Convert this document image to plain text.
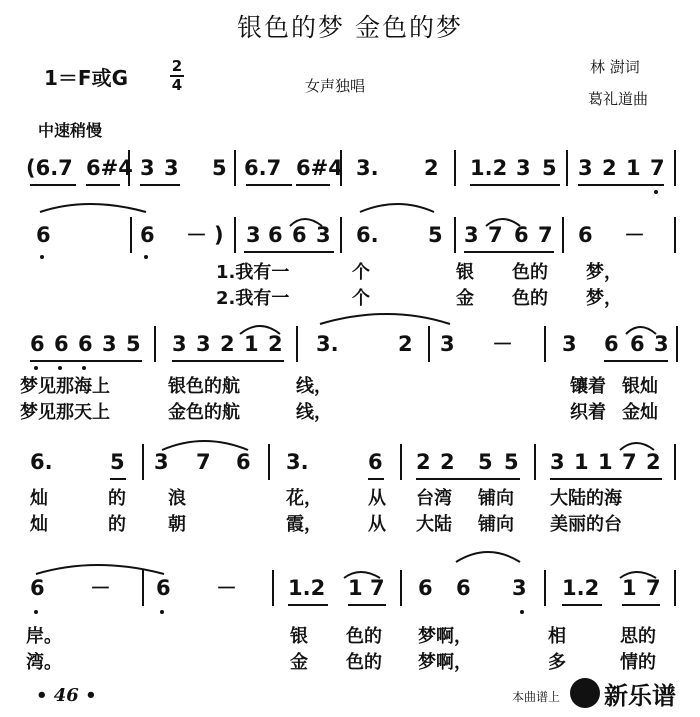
银色的梦 金色的梦
1＝F或G	2
4	女声独唱
林 澍词
葛礼道曲
中速稍慢
(6.7 6#4 3 3 5 6.7 6#4 3. 2 1.2 3 5 3 2 1 7
6	6 － ) 3 6 6 3 6. 5 3 7 6 7 6 －
1.我有一	个	银 色的 梦，
2.我有一	个	金 色的 梦，
6 6 6 3 5 3 3 2 1 2 3.	2 3 － 3 6 6 3
梦见那海上	银色的航	线，	镶着 银灿
梦见那天上	金色的航	线，	织着 金灿
6.	5 3 7 6 3.	6 2 2 5 5 3 1 1 7 2
灿	的 浪	花，	从 台湾 铺向 大陆的海
灿	的 朝	霞，	从 大陆 铺向 美丽的台
6 － 6 － 1.2 1 7 6 6 3 1.2 1 7
岸。	银 色的 梦啊，	相	思的
湾。	金 色的 梦啊，	多	情的
• 46 •	本曲谱上 新乐谱
